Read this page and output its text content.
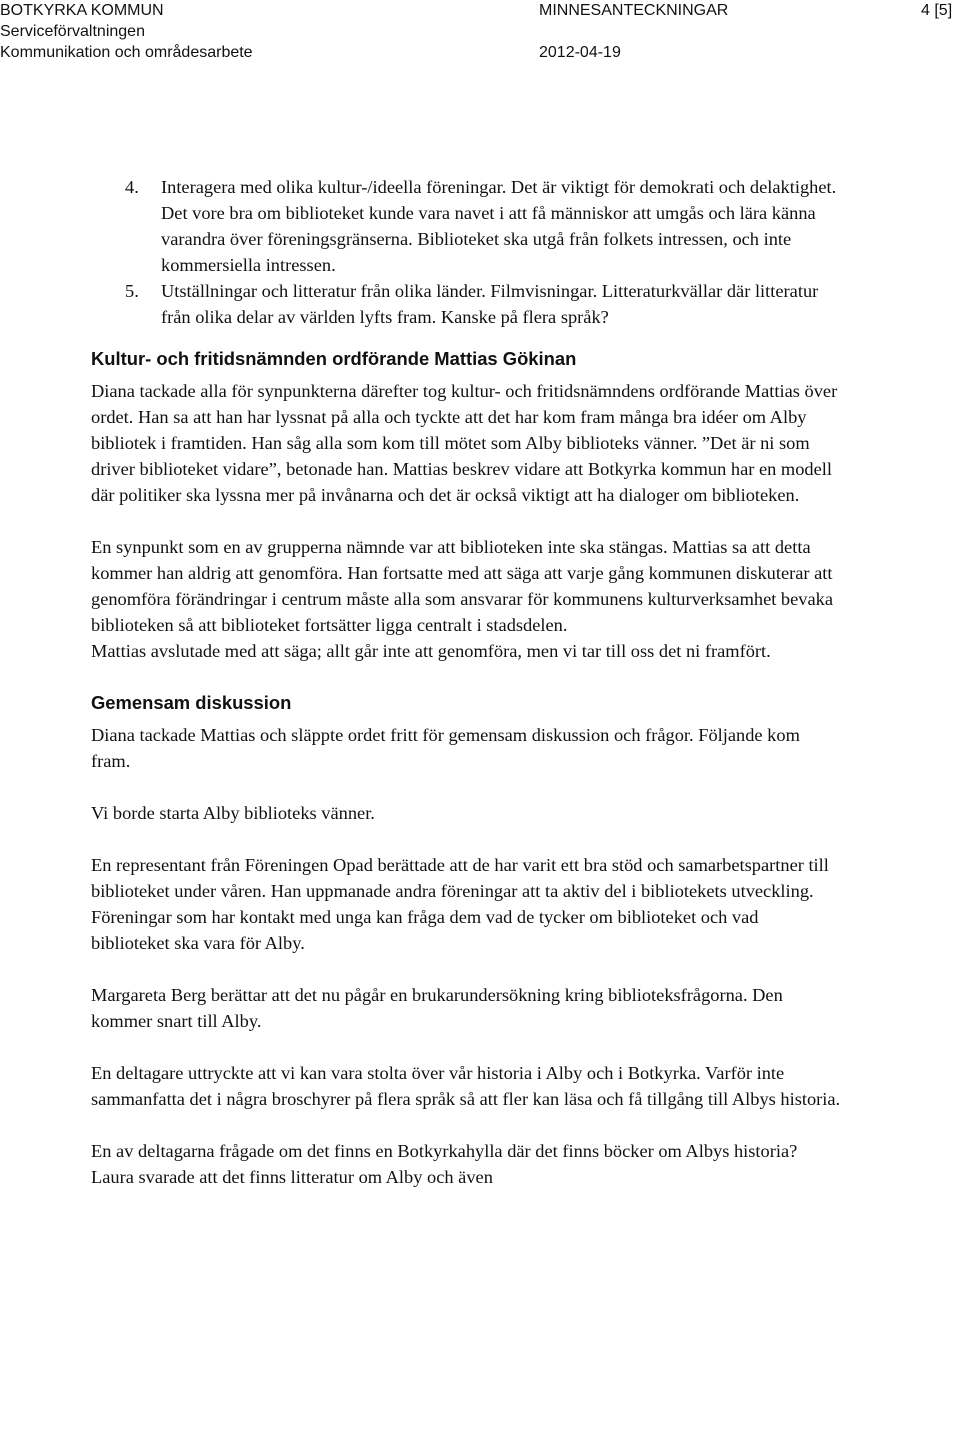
BOTKYRKA KOMMUN
Serviceförvaltningen
Kommunikation och områdesarbete
MINNESANTECKNINGAR

2012-04-19
4 [5]
4.	Interagera med olika kultur-/ideella föreningar. Det är viktigt för demokrati och delaktighet. Det vore bra om biblioteket kunde vara navet i att få människor att umgås och lära känna varandra över föreningsgränserna. Biblioteket ska utgå från folkets intressen, och inte kommersiella intressen.
5.	Utställningar och litteratur från olika länder. Filmvisningar. Litteraturkvällar där litteratur från olika delar av världen lyfts fram. Kanske på flera språk?
Kultur- och fritidsnämnden ordförande Mattias Gökinan

Diana tackade alla för synpunkterna därefter tog kultur- och fritidsnämndens ordförande Mattias över ordet. Han sa att han har lyssnat på alla och tyckte att det har kom fram många bra idéer om Alby bibliotek i framtiden. Han såg alla som kom till mötet som Alby biblioteks vänner. ”Det är ni som driver biblioteket vidare”, betonade han. Mattias beskrev vidare att Botkyrka kommun har en modell där politiker ska lyssna mer på invånarna och det är också viktigt att ha dialoger om biblioteken.

En synpunkt som en av grupperna nämnde var att biblioteken inte ska stängas. Mattias sa att detta kommer han aldrig att genomföra. Han fortsatte med att säga att varje gång kommunen diskuterar att genomföra förändringar i centrum måste alla som ansvarar för kommunens kulturverksamhet bevaka biblioteken så att biblioteket fortsätter ligga centralt i stadsdelen.

Mattias avslutade med att säga; allt går inte att genomföra, men vi tar till oss det ni framfört.

Gemensam diskussion

Diana tackade Mattias och släppte ordet fritt för gemensam diskussion och frågor. Följande kom fram.

Vi borde starta Alby biblioteks vänner.

En representant från Föreningen Opad berättade att de har varit ett bra stöd och samarbetspartner till biblioteket under våren. Han uppmanade andra föreningar att ta aktiv del i bibliotekets utveckling. Föreningar som har kontakt med unga kan fråga dem vad de tycker om biblioteket och vad biblioteket ska vara för Alby.

Margareta Berg berättar att det nu pågår en brukarundersökning kring biblioteksfrågorna. Den kommer snart till Alby.

En deltagare uttryckte att vi kan vara stolta över vår historia i Alby och i Botkyrka. Varför inte sammanfatta det i några broschyrer på flera språk så att fler kan läsa och få tillgång till Albys historia.

En av deltagarna frågade om det finns en Botkyrkahylla där det finns böcker om Albys historia? Laura svarade att det finns litteratur om Alby och även
